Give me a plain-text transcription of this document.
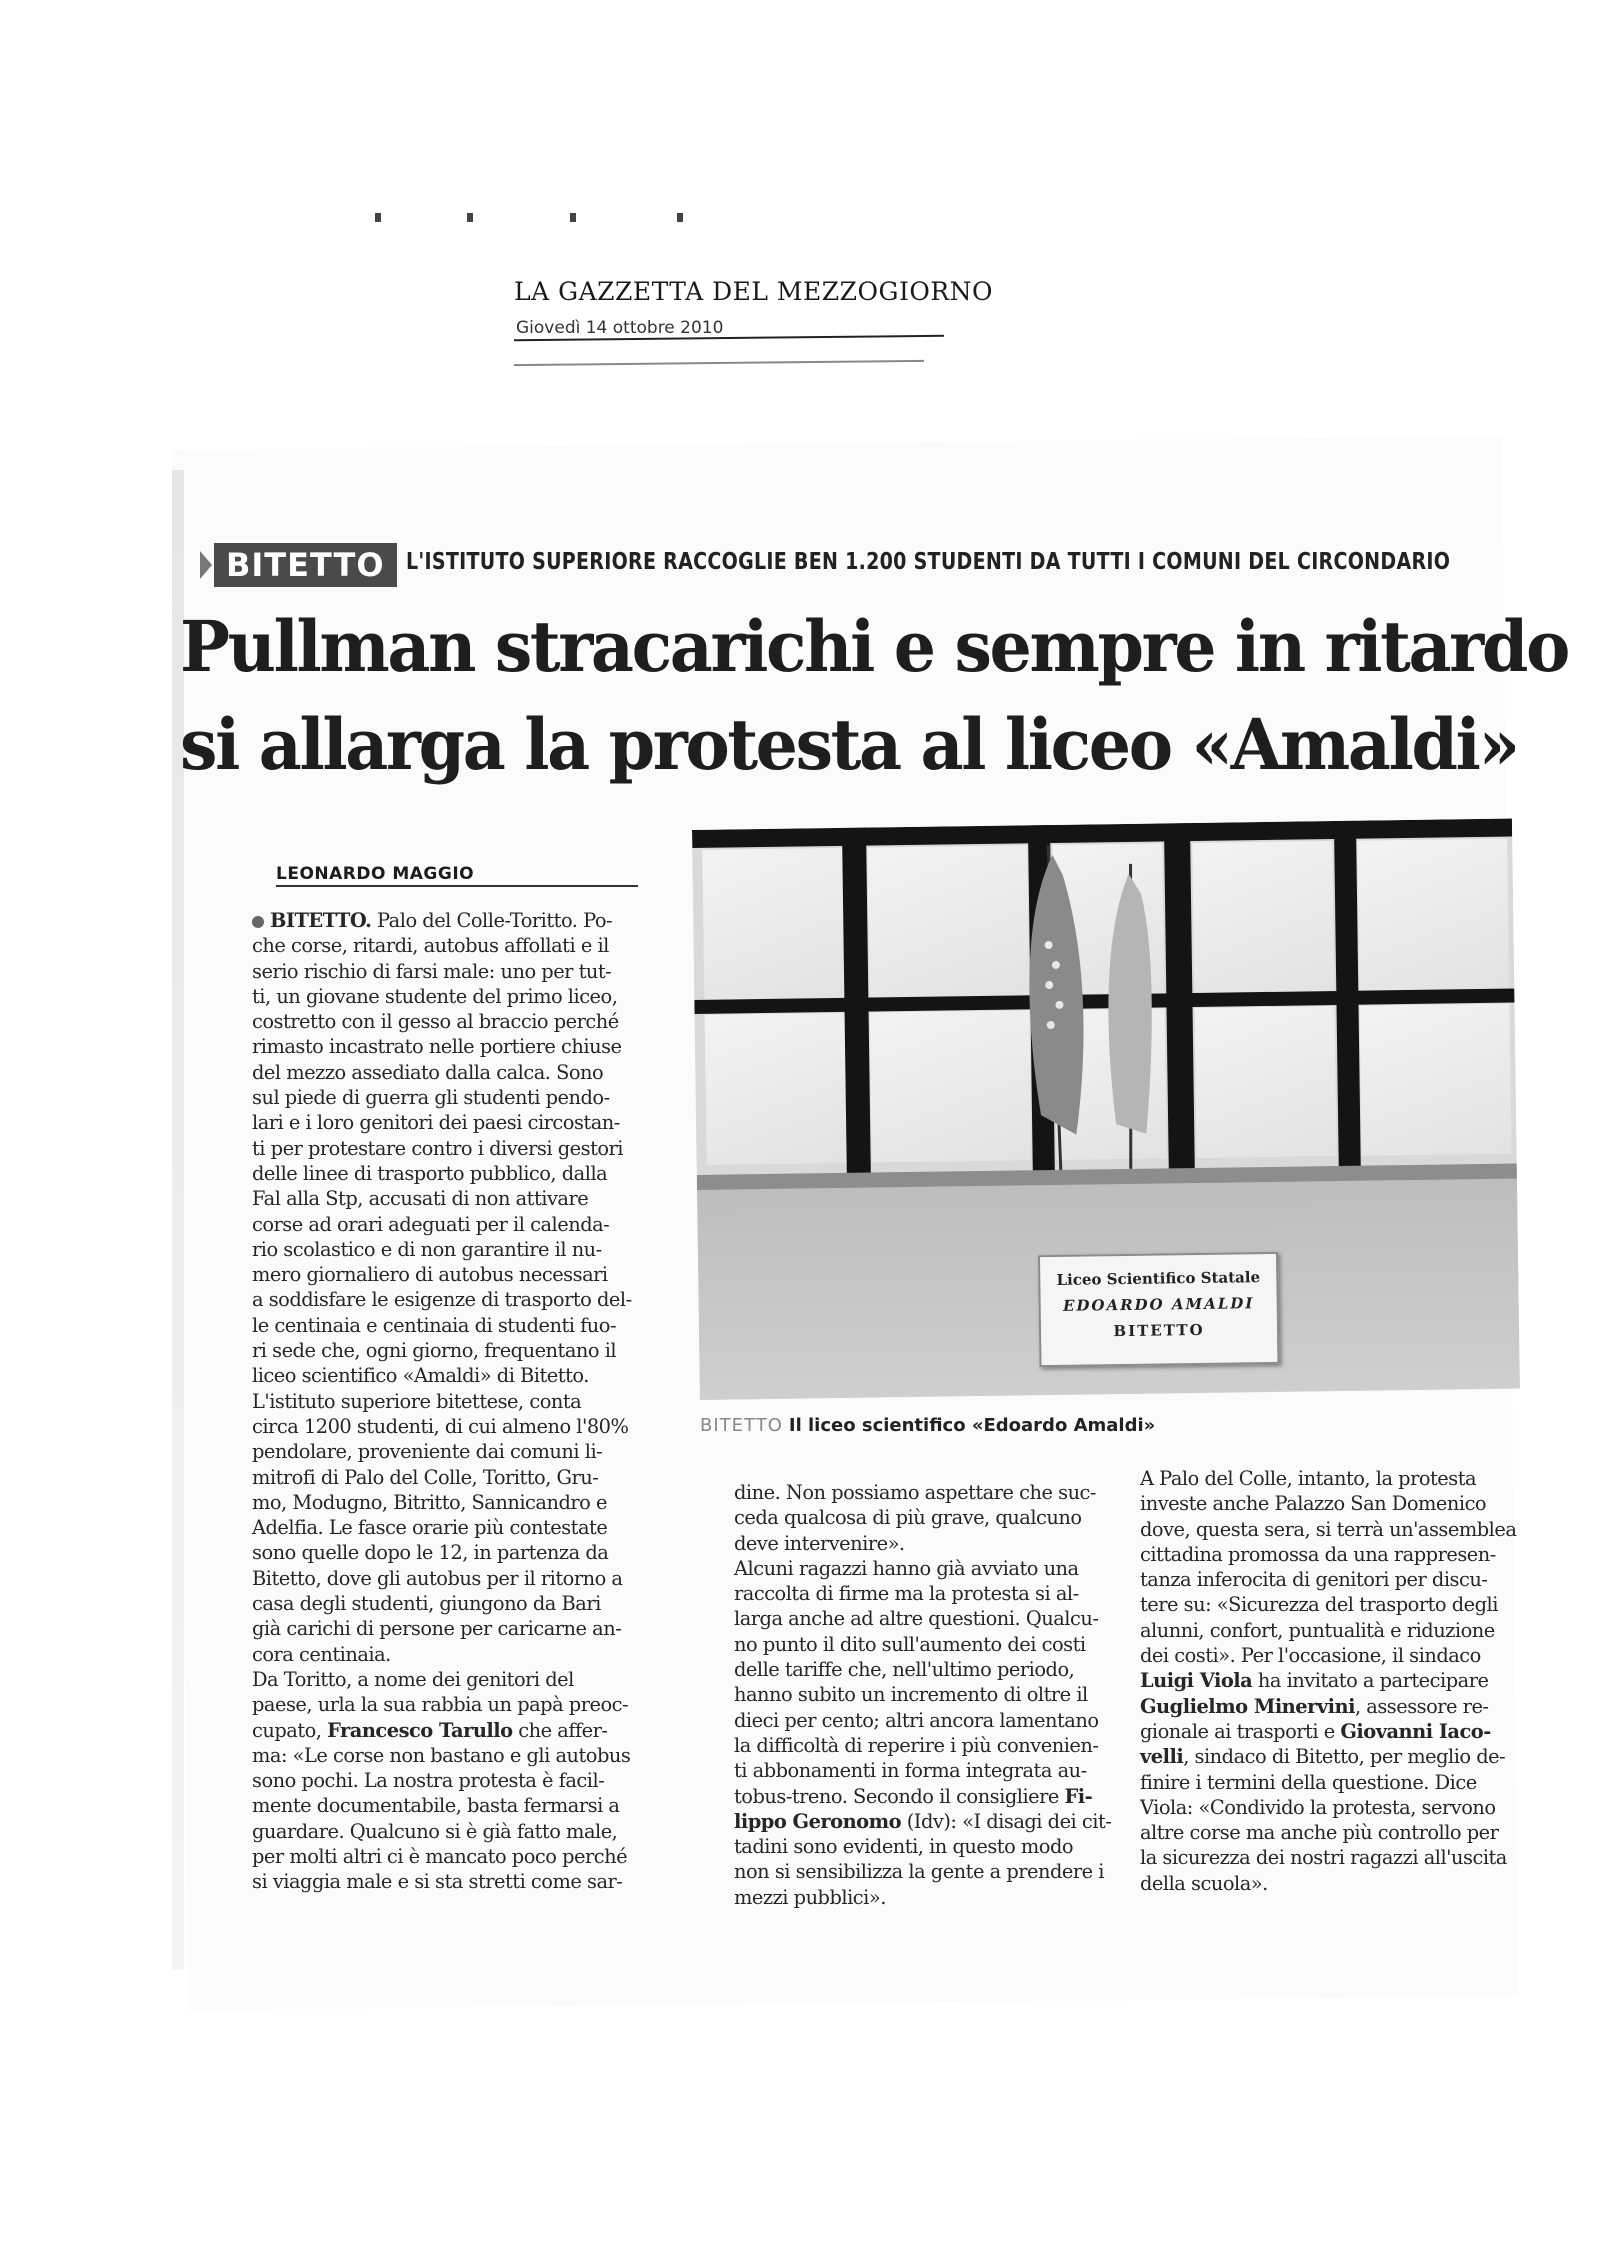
LA GAZZETTA DEL MEZZOGIORNO
Giovedì 14 ottobre 2010
BITETTO L'ISTITUTO SUPERIORE RACCOGLIE BEN 1.200 STUDENTI DA TUTTI I COMUNI DEL CIRCONDARIO
Pullman stracarichi e sempre in ritardo
si allarga la protesta al liceo «Amaldi»
LEONARDO MAGGIO
BITETTO. Palo del Colle-Toritto. Po-
che corse, ritardi, autobus affollati e il
serio rischio di farsi male: uno per tut-
ti, un giovane studente del primo liceo,
costretto con il gesso al braccio perché
rimasto incastrato nelle portiere chiuse
del mezzo assediato dalla calca. Sono
sul piede di guerra gli studenti pendo-
lari e i loro genitori dei paesi circostan-
ti per protestare contro i diversi gestori
delle linee di trasporto pubblico, dalla
Fal alla Stp, accusati di non attivare
corse ad orari adeguati per il calenda-
rio scolastico e di non garantire il nu-
mero giornaliero di autobus necessari
a soddisfare le esigenze di trasporto del-
le centinaia e centinaia di studenti fuo-
ri sede che, ogni giorno, frequentano il
liceo scientifico «Amaldi» di Bitetto.
L'istituto superiore bitettese, conta
circa 1200 studenti, di cui almeno l'80%
pendolare, proveniente dai comuni li-
mitrofi di Palo del Colle, Toritto, Gru-
mo, Modugno, Bitritto, Sannicandro e
Adelfia. Le fasce orarie più contestate
sono quelle dopo le 12, in partenza da
Bitetto, dove gli autobus per il ritorno a
casa degli studenti, giungono da Bari
già carichi di persone per caricarne an-
cora centinaia.
Da Toritto, a nome dei genitori del
paese, urla la sua rabbia un papà preoc-
cupato, Francesco Tarullo che affer-
ma: «Le corse non bastano e gli autobus
sono pochi. La nostra protesta è facil-
mente documentabile, basta fermarsi a
guardare. Qualcuno si è già fatto male,
per molti altri ci è mancato poco perché
si viaggia male e si sta stretti come sar-
Liceo Scientifico Statale
EDOARDO AMALDI
BITETTO
BITETTO Il liceo scientifico «Edoardo Amaldi»
dine. Non possiamo aspettare che suc-
ceda qualcosa di più grave, qualcuno
deve intervenire».
Alcuni ragazzi hanno già avviato una
raccolta di firme ma la protesta si al-
larga anche ad altre questioni. Qualcu-
no punto il dito sull'aumento dei costi
delle tariffe che, nell'ultimo periodo,
hanno subito un incremento di oltre il
dieci per cento; altri ancora lamentano
la difficoltà di reperire i più convenien-
ti abbonamenti in forma integrata au-
tobus-treno. Secondo il consigliere Fi-
lippo Geronomo (Idv): «I disagi dei cit-
tadini sono evidenti, in questo modo
non si sensibilizza la gente a prendere i
mezzi pubblici».
A Palo del Colle, intanto, la protesta
investe anche Palazzo San Domenico
dove, questa sera, si terrà un'assemblea
cittadina promossa da una rappresen-
tanza inferocita di genitori per discu-
tere su: «Sicurezza del trasporto degli
alunni, confort, puntualità e riduzione
dei costi». Per l'occasione, il sindaco
Luigi Viola ha invitato a partecipare
Guglielmo Minervini, assessore re-
gionale ai trasporti e Giovanni Iaco-
velli, sindaco di Bitetto, per meglio de-
finire i termini della questione. Dice
Viola: «Condivido la protesta, servono
altre corse ma anche più controllo per
la sicurezza dei nostri ragazzi all'uscita
della scuola».
